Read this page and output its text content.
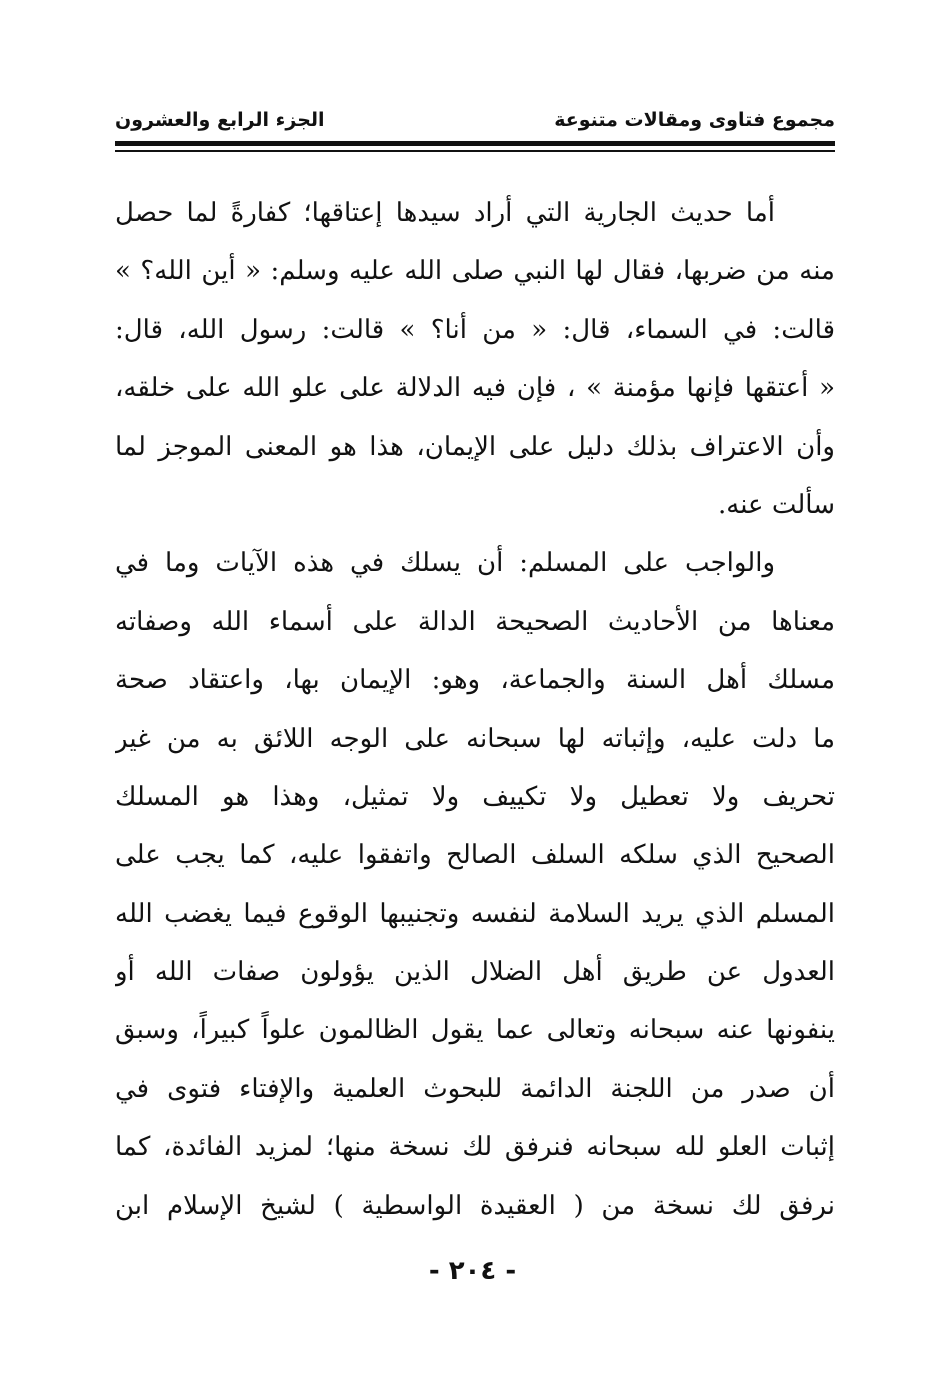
مجموع فتاوى ومقالات متنوعة
الجزء الرابع والعشرون
أما حديث الجارية التي أراد سيدها إعتاقها؛ كفارةً لما حصل
منه من ضربها، فقال لها النبي صلى الله عليه وسلم: « أين الله؟ »
قالت: في السماء، قال: « من أنا؟ » قالت: رسول الله، قال:
« أعتقها فإنها مؤمنة » ، فإن فيه الدلالة على علو الله على خلقه،
وأن الاعتراف بذلك دليل على الإيمان، هذا هو المعنى الموجز لما
سألت عنه.
والواجب على المسلم: أن يسلك في هذه الآيات وما في
معناها من الأحاديث الصحيحة الدالة على أسماء الله وصفاته
مسلك أهل السنة والجماعة، وهو: الإيمان بها، واعتقاد صحة
ما دلت عليه، وإثباته لها سبحانه على الوجه اللائق به من غير
تحريف ولا تعطيل ولا تكييف ولا تمثيل، وهذا هو المسلك
الصحيح الذي سلكه السلف الصالح واتفقوا عليه، كما يجب على
المسلم الذي يريد السلامة لنفسه وتجنيبها الوقوع فيما يغضب الله
العدول عن طريق أهل الضلال الذين يؤولون صفات الله أو
ينفونها عنه سبحانه وتعالى عما يقول الظالمون علواً كبيراً، وسبق
أن صدر من اللجنة الدائمة للبحوث العلمية والإفتاء فتوى في
إثبات العلو لله سبحانه فنرفق لك نسخة منها؛ لمزيد الفائدة، كما
نرفق لك نسخة من ( العقيدة الواسطية ) لشيخ الإسلام ابن
- ٢٠٤ -
